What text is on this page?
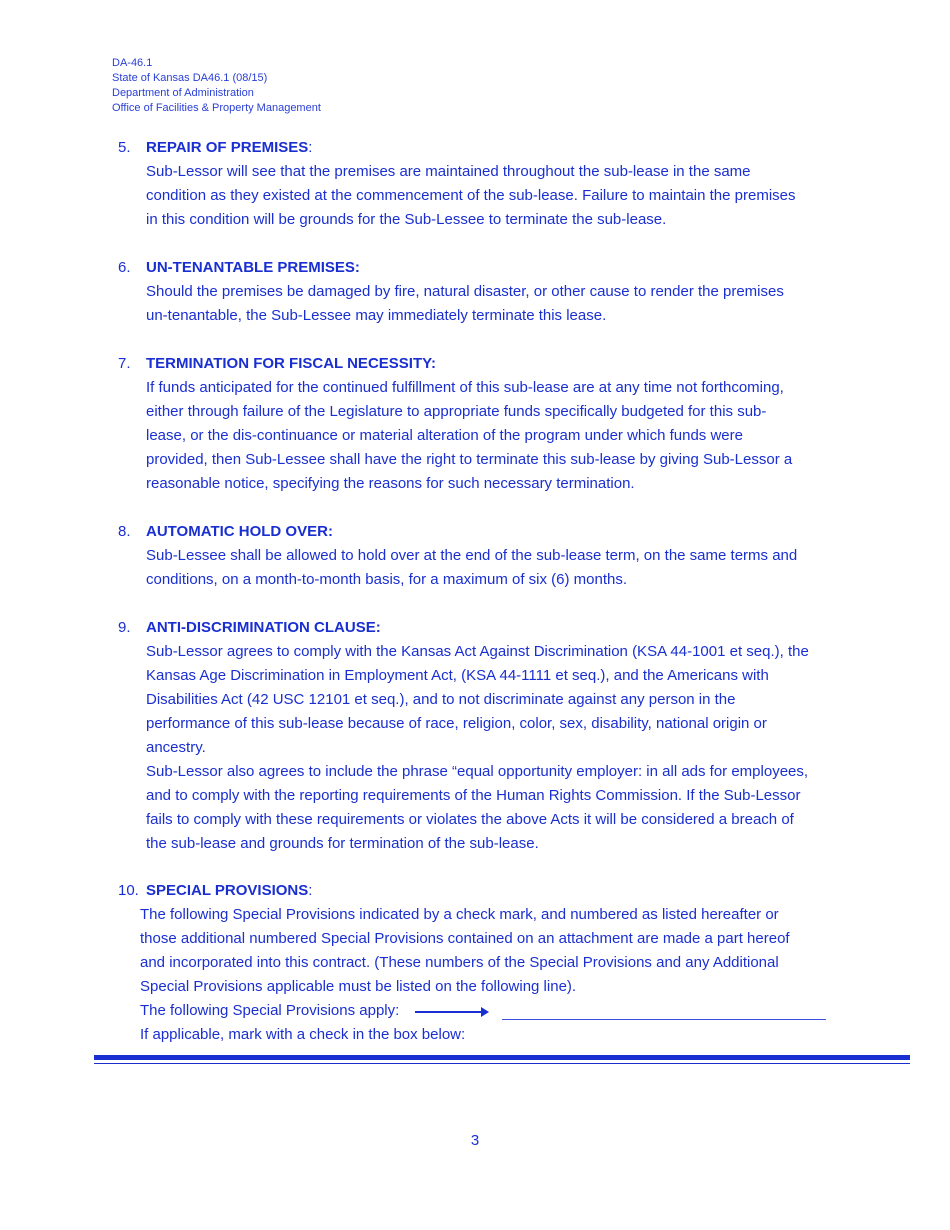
DA-46.1
State of Kansas DA46.1 (08/15)
Department of Administration
Office of Facilities & Property Management
5.	REPAIR OF PREMISES:

Sub-Lessor will see that the premises are maintained throughout the sub-lease in the same

condition as they existed at the commencement of the sub-lease. Failure to maintain the premises

in this condition will be grounds for the Sub-Lessee to terminate the sub-lease.

6.	UN-TENANTABLE PREMISES:

Should the premises be damaged by fire, natural disaster, or other cause to render the premises

un-tenantable, the Sub-Lessee may immediately terminate this lease.

7.	TERMINATION FOR FISCAL NECESSITY:

If funds anticipated for the continued fulfillment of this sub-lease are at any time not forthcoming,

either through failure of the Legislature to appropriate funds specifically budgeted for this sub-

lease, or the dis-continuance or material alteration of the program under which funds were

provided, then Sub-Lessee shall have the right to terminate this sub-lease by giving Sub-Lessor a

reasonable notice, specifying the reasons for such necessary termination.

8.	AUTOMATIC HOLD OVER:

Sub-Lessee shall be allowed to hold over at the end of the sub-lease term, on the same terms and

conditions, on a month-to-month basis, for a maximum of six (6) months.

9.	ANTI-DISCRIMINATION CLAUSE:

Sub-Lessor agrees to comply with the Kansas Act Against Discrimination (KSA 44-1001 et seq.), the

Kansas Age Discrimination in Employment Act, (KSA 44-1111 et seq.), and the Americans with

Disabilities Act (42 USC 12101 et seq.), and to not discriminate against any person in the

performance of this sub-lease because of race, religion, color, sex, disability, national origin or

ancestry.

Sub-Lessor also agrees to include the phrase “equal opportunity employer: in all ads for employees,

and to comply with the reporting requirements of the Human Rights Commission. If the Sub-Lessor

fails to comply with these requirements or violates the above Acts it will be considered a breach of

the sub-lease and grounds for termination of the sub-lease.

10. SPECIAL PROVISIONS:

The following Special Provisions indicated by a check mark, and numbered as listed hereafter or

those additional numbered Special Provisions contained on an attachment are made a part hereof

and incorporated into this contract. (These numbers of the Special Provisions and any Additional

Special Provisions applicable must be listed on the following line).

The following Special Provisions apply:

If applicable, mark with a check in the box below:

3
